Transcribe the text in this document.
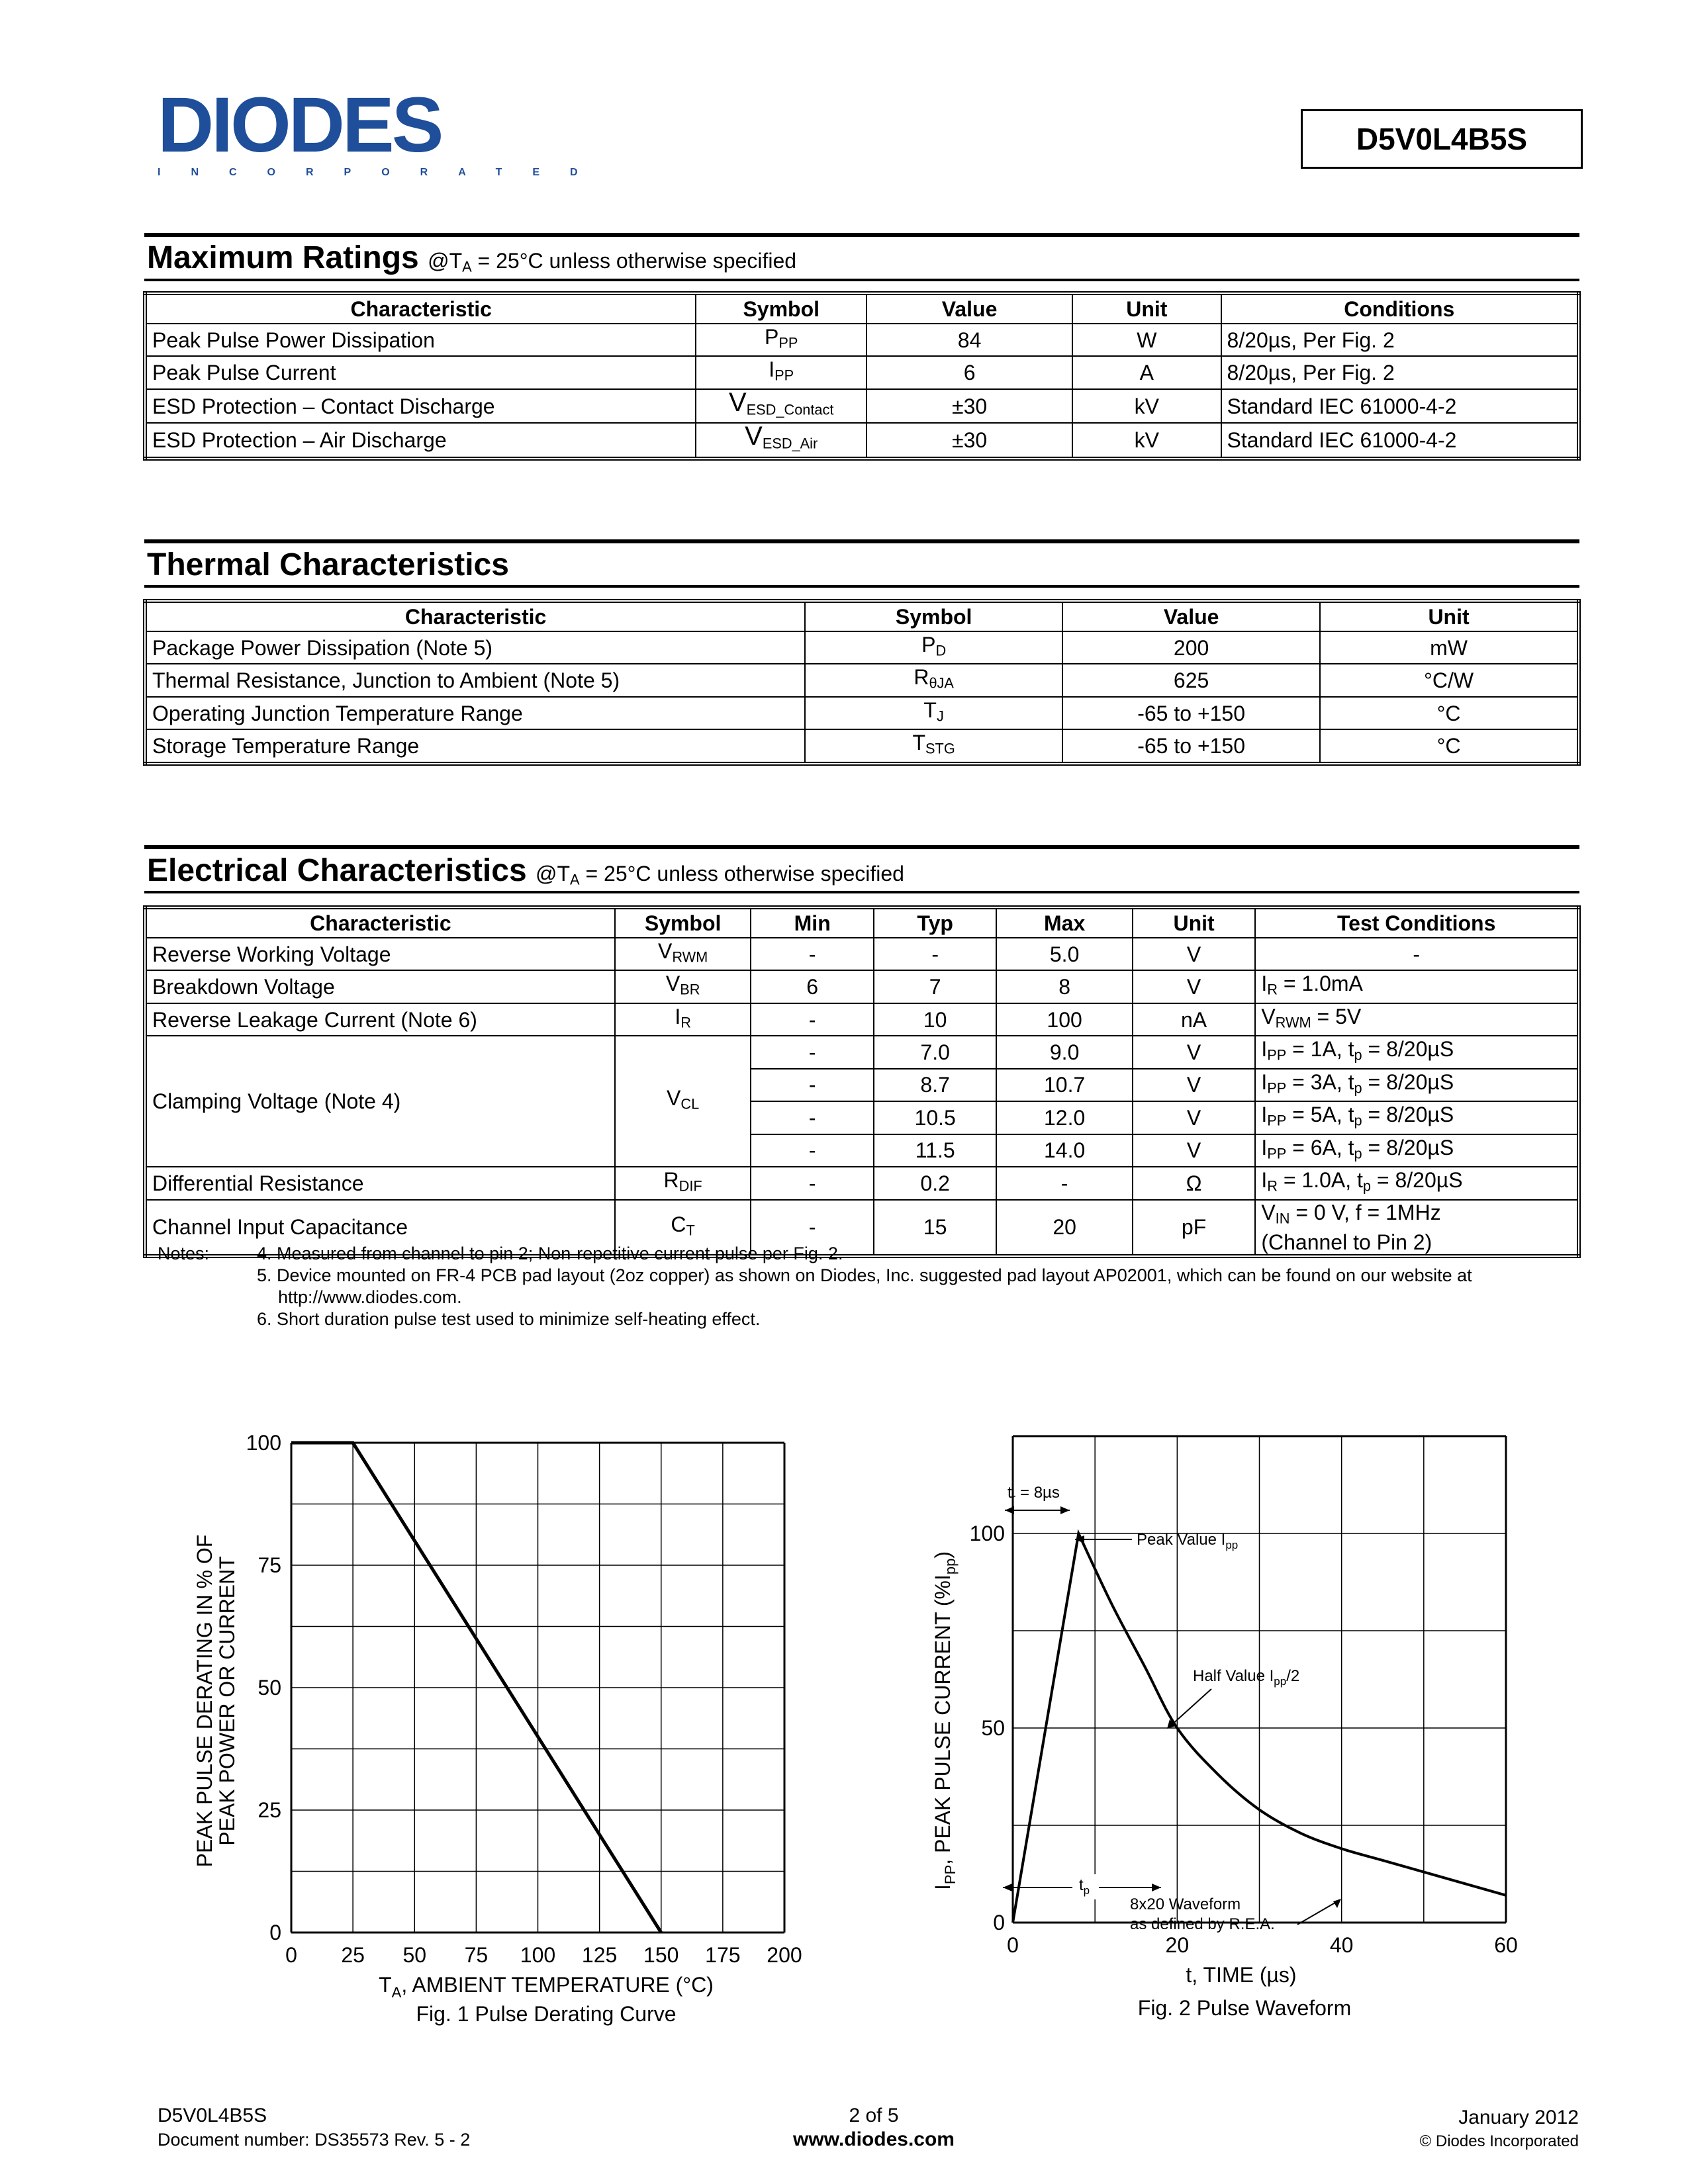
DIODES
INCORPORATED
D5V0L4B5S
Maximum Ratings $@T_A = 25^\circ C$ unless otherwise specified
Characteristic	Symbol	Value	Unit	Conditions
Peak Pulse Power Dissipation	$P_{PP}$	84	W	8/20µs, Per Fig. 2
Peak Pulse Current	$I_{PP}$	6	A	8/20µs, Per Fig. 2
ESD Protection – Contact Discharge	$V_{ESD\_Contact}$	±30	kV	Standard IEC 61000-4-2
ESD Protection – Air Discharge	$V_{ESD\_Air}$	±30	kV	Standard IEC 61000-4-2
Thermal Characteristics
Characteristic	Symbol	Value	Unit
Package Power Dissipation (Note 5)	$P_D$	200	mW
Thermal Resistance, Junction to Ambient (Note 5)	$R_{\theta JA}$	625	°C/W
Operating Junction Temperature Range	$T_J$	-65 to +150	°C
Storage Temperature Range	$T_{STG}$	-65 to +150	°C
Electrical Characteristics $@T_A = 25^\circ C$ unless otherwise specified
Characteristic	Symbol	Min	Typ	Max	Unit	Test Conditions
Reverse Working Voltage	$V_{RWM}$	-	-	5.0	V	-
Breakdown Voltage	$V_{BR}$	6	7	8	V	$I_R = 1.0mA$
Reverse Leakage Current (Note 6)	$I_R$	-	10	100	nA	$V_{RWM} = 5V$
Clamping Voltage (Note 4)	$V_{CL}$	-	7.0	9.0	V	$I_{PP} = 1A$, $t_p = 8/20\mu S$
		-	8.7	10.7	V	$I_{PP} = 3A$, $t_p = 8/20\mu S$
		-	10.5	12.0	V	$I_{PP} = 5A$, $t_p = 8/20\mu S$
		-	11.5	14.0	V	$I_{PP} = 6A$, $t_p = 8/20\mu S$
Differential Resistance	$R_{DIF}$	-	0.2	-	Ω	$I_R = 1.0A$, $t_p = 8/20\mu S$
Channel Input Capacitance	$C_T$	-	15	20	pF	$V_{IN} = 0$ V, f = 1MHz
(Channel to Pin 2)
Notes:	4. Measured from channel to pin 2; Non-repetitive current pulse per Fig. 2.
5. Device mounted on FR-4 PCB pad layout (2oz copper) as shown on Diodes, Inc. suggested pad layout AP02001, which can be found on our website at
http://www.diodes.com.
6. Short duration pulse test used to minimize self-heating effect.
0
25
50
75
100
0 25 50 75 100 125 150 175 200
PEAK PULSE DERATING IN % OF
PEAK POWER OR CURRENT
$T_A$, AMBIENT TEMPERATURE (°C)
Fig. 1 Pulse Derating Curve
0
50
100
0	20	40	60
$I_{PP}$, PEAK PULSE CURRENT $(\%I_{pp})$
t, TIME (µs)
$t_r = 8\mu s$
Peak Value $I_{pp}$
Half Value $I_{pp}/2$
$t_p$
8x20 Waveform
as defined by R.E.A.
Fig. 2 Pulse Waveform
D5V0L4B5S
Document number: DS35573 Rev. 5 - 2
2 of 5
www.diodes.com
January 2012
© Diodes Incorporated
